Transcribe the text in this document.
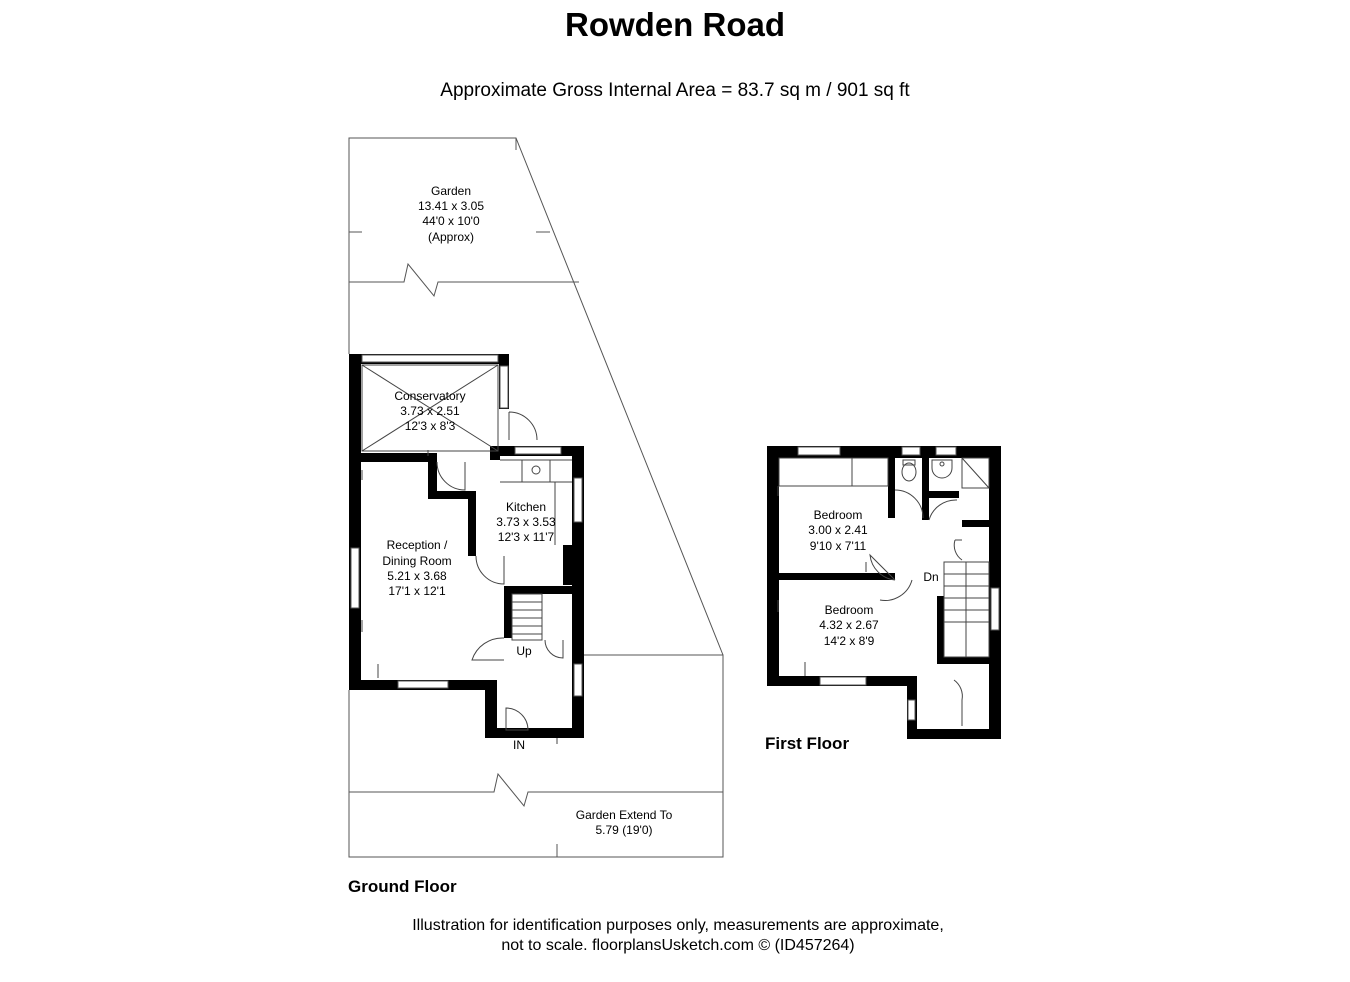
Rowden Road
Approximate Gross Internal Area = 83.7 sq m / 901 sq ft
Garden
13.41 x 3.05
44'0 x 10'0
(Approx)
Conservatory
3.73 x 2.51
12'3 x 8'3
Kitchen
3.73 x 3.53
12'3 x 11'7
Reception /
Dining Room
5.21 x 3.68
17'1 x 12'1
Up
IN
Garden Extend To
5.79 (19'0)
Bedroom
3.00 x 2.41
9'10 x 7'11
Bedroom
4.32 x 2.67
14'2 x 8'9
Dn
Ground Floor
First Floor
Illustration for identification purposes only, measurements are approximate,
not to scale. floorplansUsketch.com © (ID457264)
